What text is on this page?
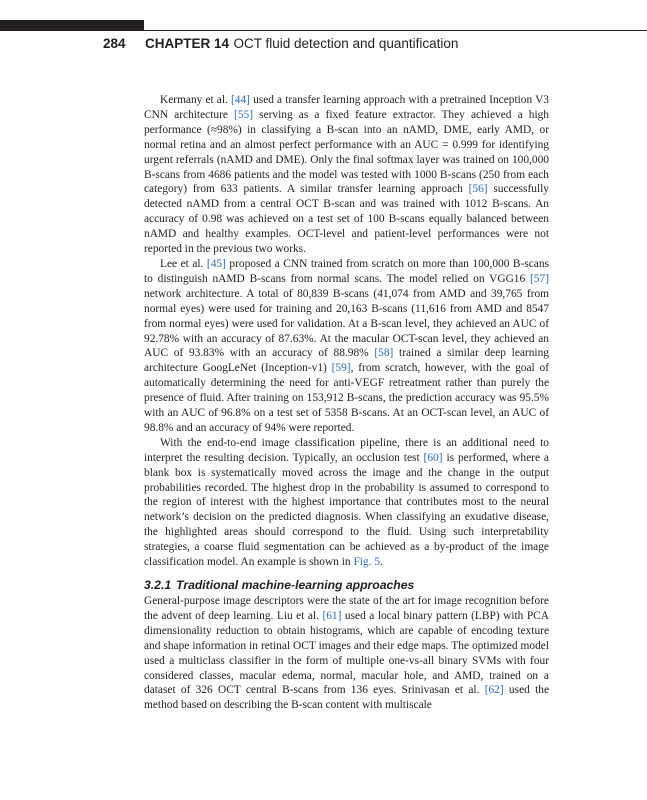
284 CHAPTER 14 OCT fluid detection and quantification

Kermany et al. [44] used a transfer learning approach with a pretrained Inception V3 CNN architecture [55] serving as a fixed feature extractor. They achieved a high performance (≈98%) in classifying a B-scan into an nAMD, DME, early AMD, or normal retina and an almost perfect performance with an AUC = 0.999 for identifying urgent referrals (nAMD and DME). Only the final softmax layer was trained on 100,000 B-scans from 4686 patients and the model was tested with 1000 B-scans (250 from each category) from 633 patients. A similar transfer learning approach [56] successfully detected nAMD from a central OCT B-scan and was trained with 1012 B-scans. An accuracy of 0.98 was achieved on a test set of 100 B-scans equally balanced between nAMD and healthy examples. OCT-level and patient-level performances were not reported in the previous two works.

Lee et al. [45] proposed a CNN trained from scratch on more than 100,000 B-scans to distinguish nAMD B-scans from normal scans. The model relied on VGG16 [57] network architecture. A total of 80,839 B-scans (41,074 from AMD and 39,765 from normal eyes) were used for training and 20,163 B-scans (11,616 from AMD and 8547 from normal eyes) were used for validation. At a B-scan level, they achieved an AUC of 92.78% with an accuracy of 87.63%. At the macular OCT-scan level, they achieved an AUC of 93.83% with an accuracy of 88.98% [58] trained a similar deep learning architecture GoogLeNet (Inception-v1) [59], from scratch, however, with the goal of automatically determining the need for anti-VEGF retreatment rather than purely the presence of fluid. After training on 153,912 B-scans, the prediction accuracy was 95.5% with an AUC of 96.8% on a test set of 5358 B-scans. At an OCT-scan level, an AUC of 98.8% and an accuracy of 94% were reported.

With the end-to-end image classification pipeline, there is an additional need to interpret the resulting decision. Typically, an occlusion test [60] is performed, where a blank box is systematically moved across the image and the change in the output probabilities recorded. The highest drop in the probability is assumed to correspond to the region of interest with the highest importance that contributes most to the neural network’s decision on the predicted diagnosis. When classifying an exudative disease, the highlighted areas should correspond to the fluid. Using such interpretability strategies, a coarse fluid segmentation can be achieved as a by-product of the image classification model. An example is shown in Fig. 5.

3.2.1 Traditional machine-learning approaches

General-purpose image descriptors were the state of the art for image recognition before the advent of deep learning. Liu et al. [61] used a local binary pattern (LBP) with PCA dimensionality reduction to obtain histograms, which are capable of encoding texture and shape information in retinal OCT images and their edge maps. The optimized model used a multiclass classifier in the form of multiple one-vs-all binary SVMs with four considered classes, macular edema, normal, macular hole, and AMD, trained on a dataset of 326 OCT central B-scans from 136 eyes. Srinivasan et al. [62] used the method based on describing the B-scan content with multiscale
